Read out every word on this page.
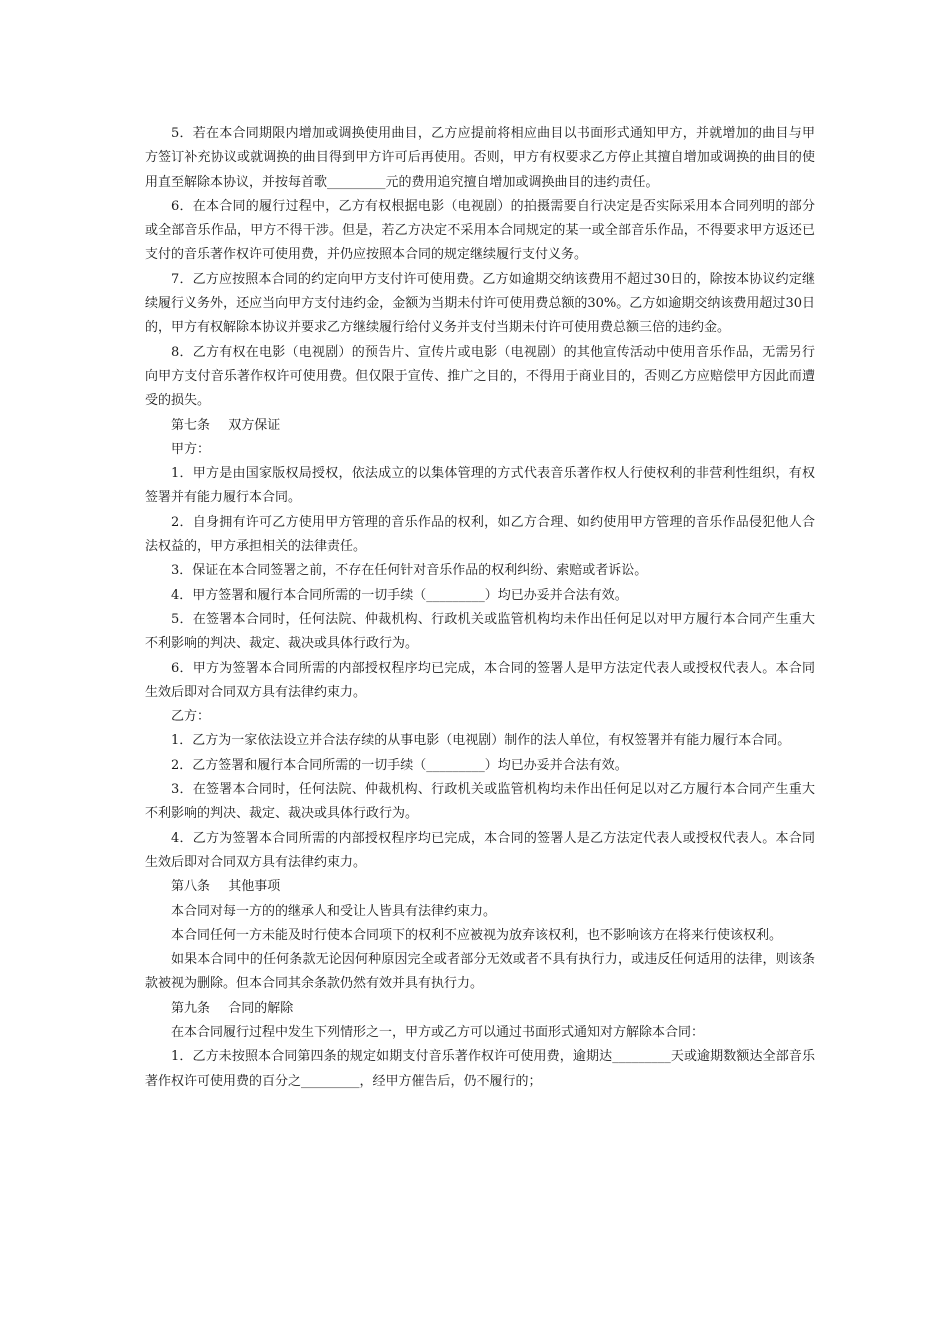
5．若在本合同期限内增加或调换使用曲目，乙方应提前将相应曲目以书面形式通知甲方，并就增加的曲目与甲方签订补充协议或就调换的曲目得到甲方许可后再使用。否则，甲方有权要求乙方停止其擅自增加或调换的曲目的使用直至解除本协议，并按每首歌_________元的费用追究擅自增加或调换曲目的违约责任。

6．在本合同的履行过程中，乙方有权根据电影（电视剧）的拍摄需要自行决定是否实际采用本合同列明的部分或全部音乐作品，甲方不得干涉。但是，若乙方决定不采用本合同规定的某一或全部音乐作品，不得要求甲方返还已支付的音乐著作权许可使用费，并仍应按照本合同的规定继续履行支付义务。

7．乙方应按照本合同的约定向甲方支付许可使用费。乙方如逾期交纳该费用不超过30日的，除按本协议约定继续履行义务外，还应当向甲方支付违约金，金额为当期未付许可使用费总额的30%。乙方如逾期交纳该费用超过30日的，甲方有权解除本协议并要求乙方继续履行给付义务并支付当期未付许可使用费总额三倍的违约金。

8．乙方有权在电影（电视剧）的预告片、宣传片或电影（电视剧）的其他宣传活动中使用音乐作品，无需另行向甲方支付音乐著作权许可使用费。但仅限于宣传、推广之目的，不得用于商业目的，否则乙方应赔偿甲方因此而遭受的损失。

第七条 双方保证

甲方：

1．甲方是由国家版权局授权，依法成立的以集体管理的方式代表音乐著作权人行使权利的非营利性组织，有权签署并有能力履行本合同。

2．自身拥有许可乙方使用甲方管理的音乐作品的权利，如乙方合理、如约使用甲方管理的音乐作品侵犯他人合法权益的，甲方承担相关的法律责任。

3．保证在本合同签署之前，不存在任何针对音乐作品的权利纠纷、索赔或者诉讼。

4．甲方签署和履行本合同所需的一切手续（_________）均已办妥并合法有效。

5．在签署本合同时，任何法院、仲裁机构、行政机关或监管机构均未作出任何足以对甲方履行本合同产生重大不利影响的判决、裁定、裁决或具体行政行为。

6．甲方为签署本合同所需的内部授权程序均已完成，本合同的签署人是甲方法定代表人或授权代表人。本合同生效后即对合同双方具有法律约束力。

乙方：

1．乙方为一家依法设立并合法存续的从事电影（电视剧）制作的法人单位，有权签署并有能力履行本合同。

2．乙方签署和履行本合同所需的一切手续（_________）均已办妥并合法有效。

3．在签署本合同时，任何法院、仲裁机构、行政机关或监管机构均未作出任何足以对乙方履行本合同产生重大不利影响的判决、裁定、裁决或具体行政行为。

4．乙方为签署本合同所需的内部授权程序均已完成，本合同的签署人是乙方法定代表人或授权代表人。本合同生效后即对合同双方具有法律约束力。

第八条 其他事项

本合同对每一方的的继承人和受让人皆具有法律约束力。

本合同任何一方未能及时行使本合同项下的权利不应被视为放弃该权利，也不影响该方在将来行使该权利。

如果本合同中的任何条款无论因何种原因完全或者部分无效或者不具有执行力，或违反任何适用的法律，则该条款被视为删除。但本合同其余条款仍然有效并具有执行力。

第九条 合同的解除

在本合同履行过程中发生下列情形之一，甲方或乙方可以通过书面形式通知对方解除本合同：

1．乙方未按照本合同第四条的规定如期支付音乐著作权许可使用费，逾期达_________天或逾期数额达全部音乐著作权许可使用费的百分之_________，经甲方催告后，仍不履行的；
